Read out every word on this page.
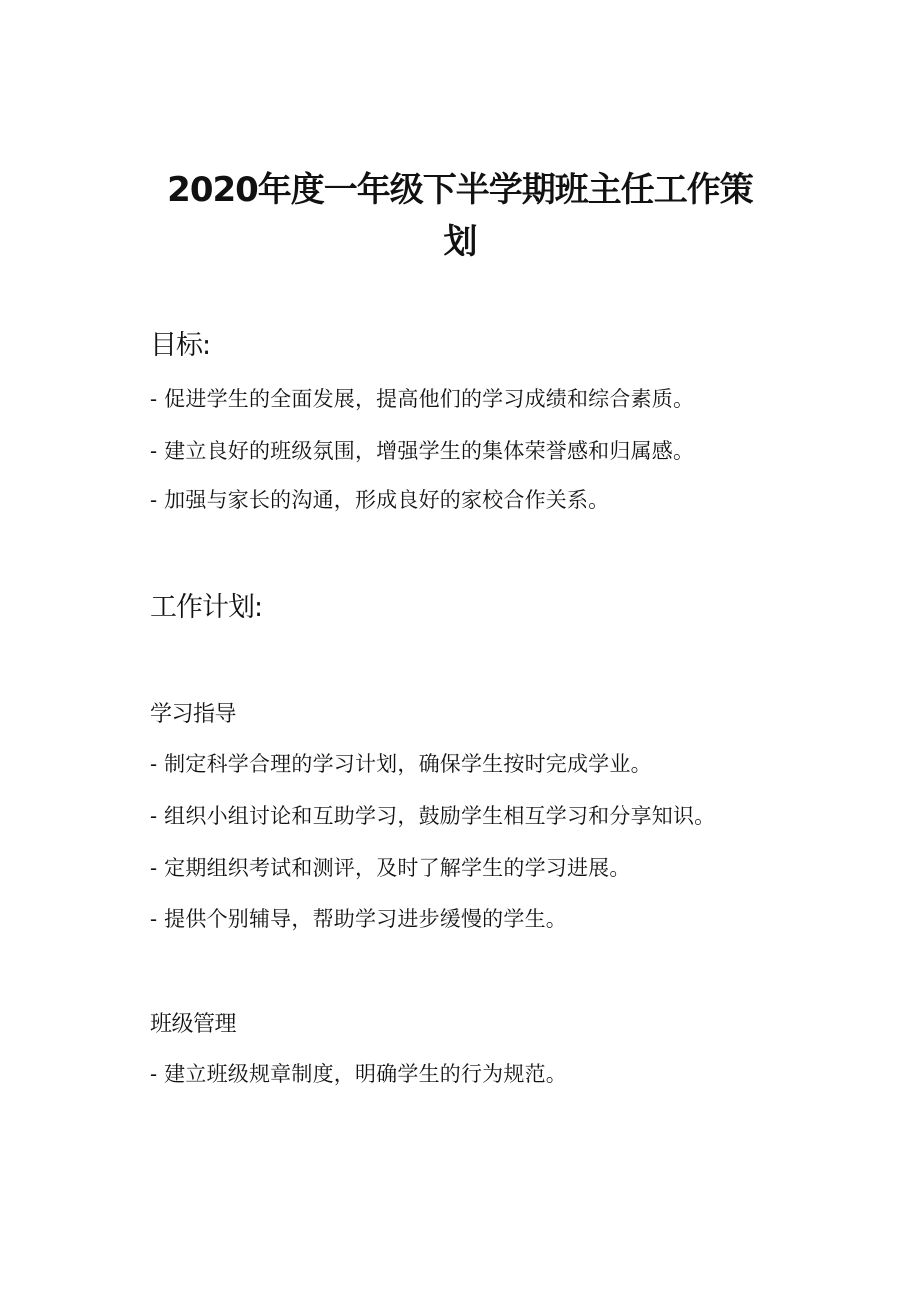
2020年度一年级下半学期班主任工作策
划
目标:
- 促进学生的全面发展，提高他们的学习成绩和综合素质。
- 建立良好的班级氛围，增强学生的集体荣誉感和归属感。
- 加强与家长的沟通，形成良好的家校合作关系。
工作计划:
学习指导
- 制定科学合理的学习计划，确保学生按时完成学业。
- 组织小组讨论和互助学习，鼓励学生相互学习和分享知识。
- 定期组织考试和测评，及时了解学生的学习进展。
- 提供个别辅导，帮助学习进步缓慢的学生。
班级管理
- 建立班级规章制度，明确学生的行为规范。
